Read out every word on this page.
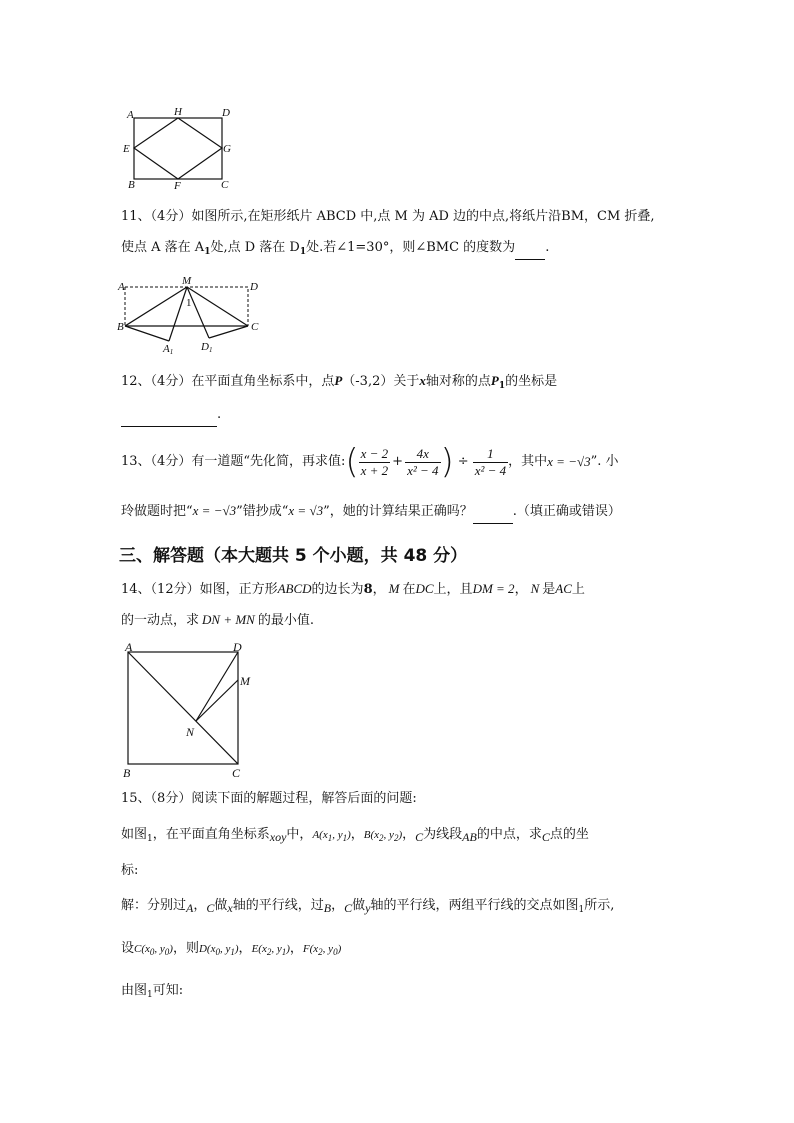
A	H	D
E	G
B	F	C
11、（4分）如图所示,在矩形纸片 ABCD 中,点 M 为 AD 边的中点,将纸片沿BM，CM 折叠,
使点 A 落在 $A_1$处,点 D 落在 $D_1$处.若∠1=30°，则∠BMC 的度数为 .
A	M	D
1
B	C
A1	D1
12、（4分）在平面直角坐标系中，点P（-3,2）关于x轴对称的点$P_1$的坐标是
.
13、（4分）有一道题“先化简，再求值: ( $\frac{x - 2}{x + 2} + \frac{4x}{\text{x² − 4}}$ ) ÷ $\frac{1}{\text{x² − 4}}$ ，其中 x = −√3 ”. 小
玲做题时把“x = −√3”错抄成“x = √3”，她的计算结果正确吗？	.（填正确或错误）
三、解答题（本大题共 5 个小题，共 48 分）
14、（12分）如图，正方形ABCD的边长为8， M 在DC上，且DM = 2， N 是AC上
的一动点，求 DN + MN 的最小值.
A	D
M
N
B	C
15、（8分）阅读下面的解题过程，解答后面的问题:
如图$_1$，在平面直角坐标系xoy中，$A(x_1$, $y_1$)，$B(x_2$, $y_2$)，C为线段AB的中点，求C点的坐
标:
解：分别过A，C做x轴的平行线，过B，C做y轴的平行线，两组平行线的交点如图$_1$所示,
设$C(x_0$, $y_0$)，则$D(x_0$, $y_1$)，$E(x_2$, $y_1$)，$F(x_2$, $y_0$)
由图$_1$可知:
